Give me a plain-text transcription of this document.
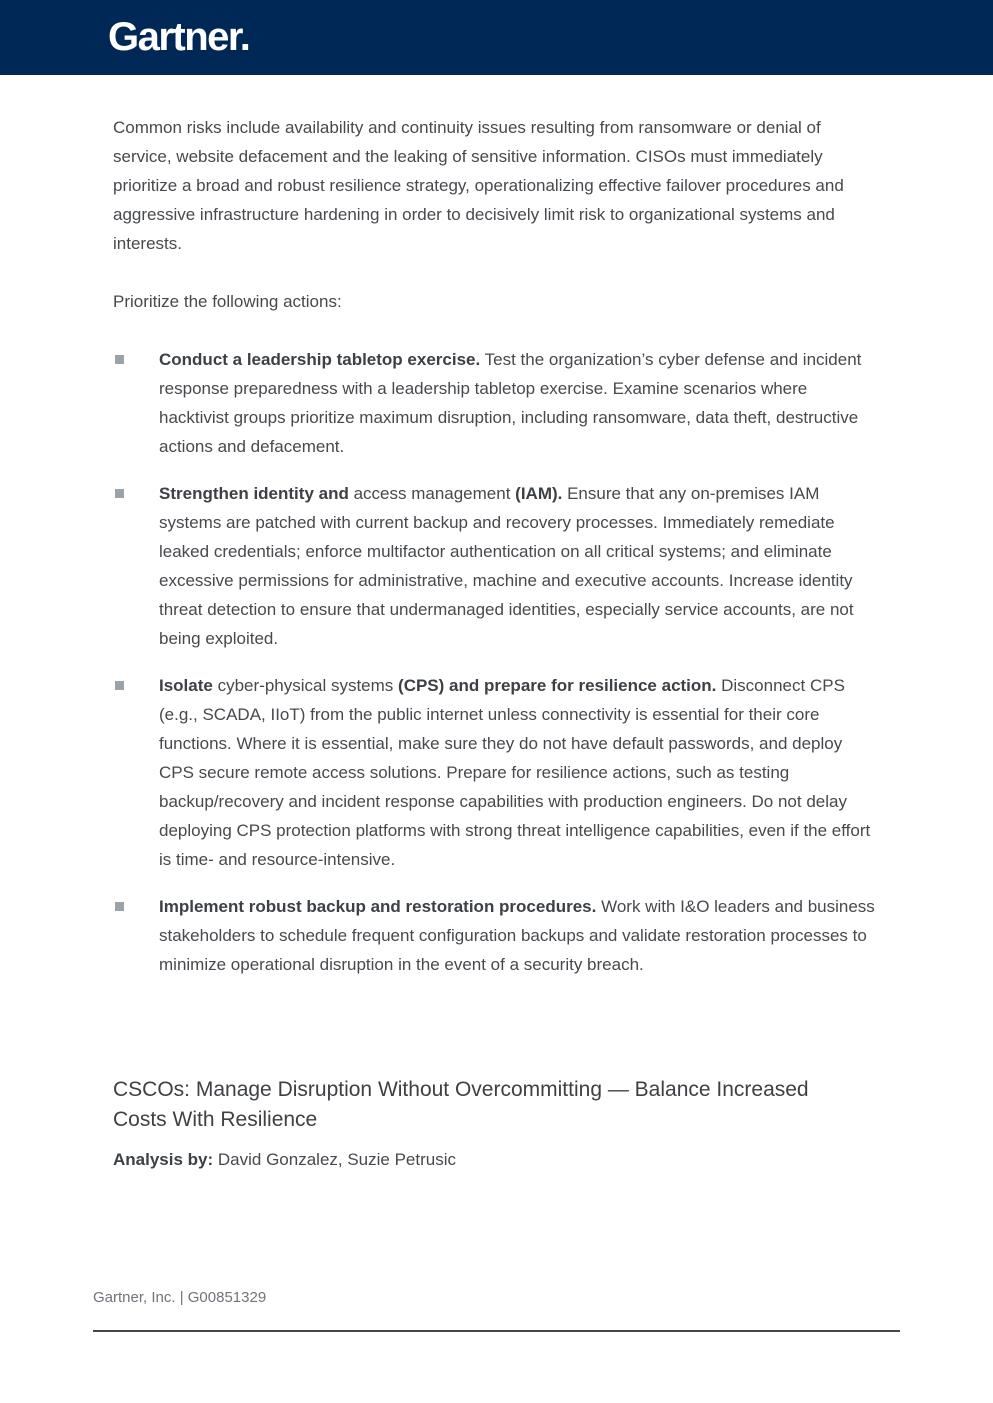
Gartner.

Common risks include availability and continuity issues resulting from ransomware or denial of service, website defacement and the leaking of sensitive information. CISOs must immediately prioritize a broad and robust resilience strategy, operationalizing effective failover procedures and aggressive infrastructure hardening in order to decisively limit risk to organizational systems and interests.

Prioritize the following actions:

Conduct a leadership tabletop exercise. Test the organization’s cyber defense and incident response preparedness with a leadership tabletop exercise. Examine scenarios where hacktivist groups prioritize maximum disruption, including ransomware, data theft, destructive actions and defacement.
Strengthen identity and access management (IAM). Ensure that any on-premises IAM systems are patched with current backup and recovery processes. Immediately remediate leaked credentials; enforce multifactor authentication on all critical systems; and eliminate excessive permissions for administrative, machine and executive accounts. Increase identity threat detection to ensure that undermanaged identities, especially service accounts, are not being exploited.
Isolate cyber-physical systems (CPS) and prepare for resilience action. Disconnect CPS (e.g., SCADA, IIoT) from the public internet unless connectivity is essential for their core functions. Where it is essential, make sure they do not have default passwords, and deploy CPS secure remote access solutions. Prepare for resilience actions, such as testing backup/recovery and incident response capabilities with production engineers. Do not delay deploying CPS protection platforms with strong threat intelligence capabilities, even if the effort is time- and resource-intensive.
Implement robust backup and restoration procedures. Work with I&O leaders and business stakeholders to schedule frequent configuration backups and validate restoration processes to minimize operational disruption in the event of a security breach.
CSCOs: Manage Disruption Without Overcommitting — Balance Increased Costs With Resilience

Analysis by: David Gonzalez, Suzie Petrusic

Gartner, Inc. | G00851329
